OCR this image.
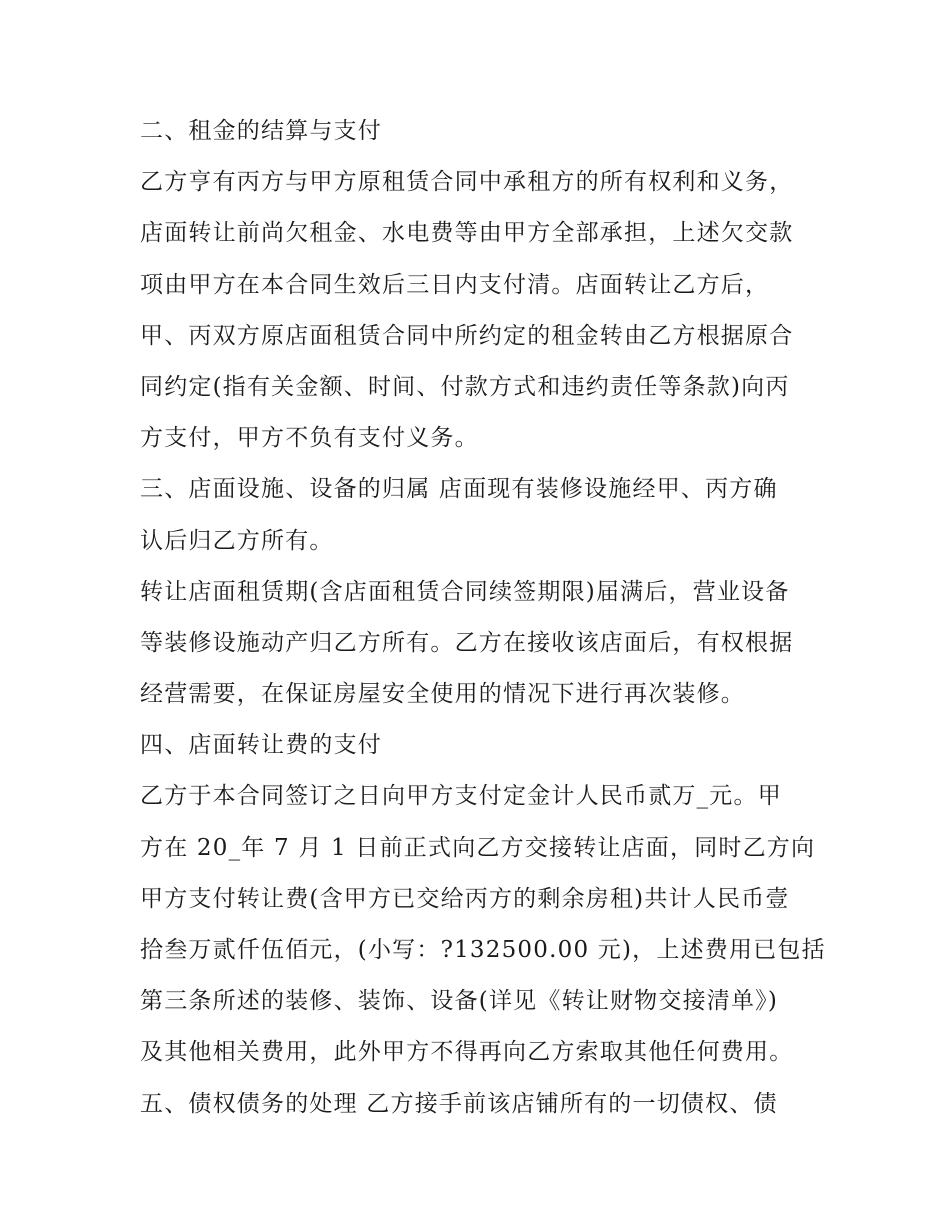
二、租金的结算与支付
乙方亨有丙方与甲方原租赁合同中承租方的所有权利和义务，
店面转让前尚欠租金、水电费等由甲方全部承担，上述欠交款
项由甲方在本合同生效后三日内支付清。店面转让乙方后，
甲、丙双方原店面租赁合同中所约定的租金转由乙方根据原合
同约定(指有关金额、时间、付款方式和违约责任等条款)向丙
方支付，甲方不负有支付义务。
三、店面设施、设备的归属 店面现有装修设施经甲、丙方确
认后归乙方所有。
转让店面租赁期(含店面租赁合同续签期限)届满后，营业设备
等装修设施动产归乙方所有。乙方在接收该店面后，有权根据
经营需要，在保证房屋安全使用的情况下进行再次装修。
四、店面转让费的支付
乙方于本合同签订之日向甲方支付定金计人民币贰万_元。甲
方在 20_年 7 月 1 日前正式向乙方交接转让店面，同时乙方向
甲方支付转让费(含甲方已交给丙方的剩余房租)共计人民币壹
拾叁万贰仟伍佰元，(小写：?132500.00 元)，上述费用已包括
第三条所述的装修、装饰、设备(详见《转让财物交接清单》)
及其他相关费用，此外甲方不得再向乙方索取其他任何费用。
五、债权债务的处理 乙方接手前该店铺所有的一切债权、债
